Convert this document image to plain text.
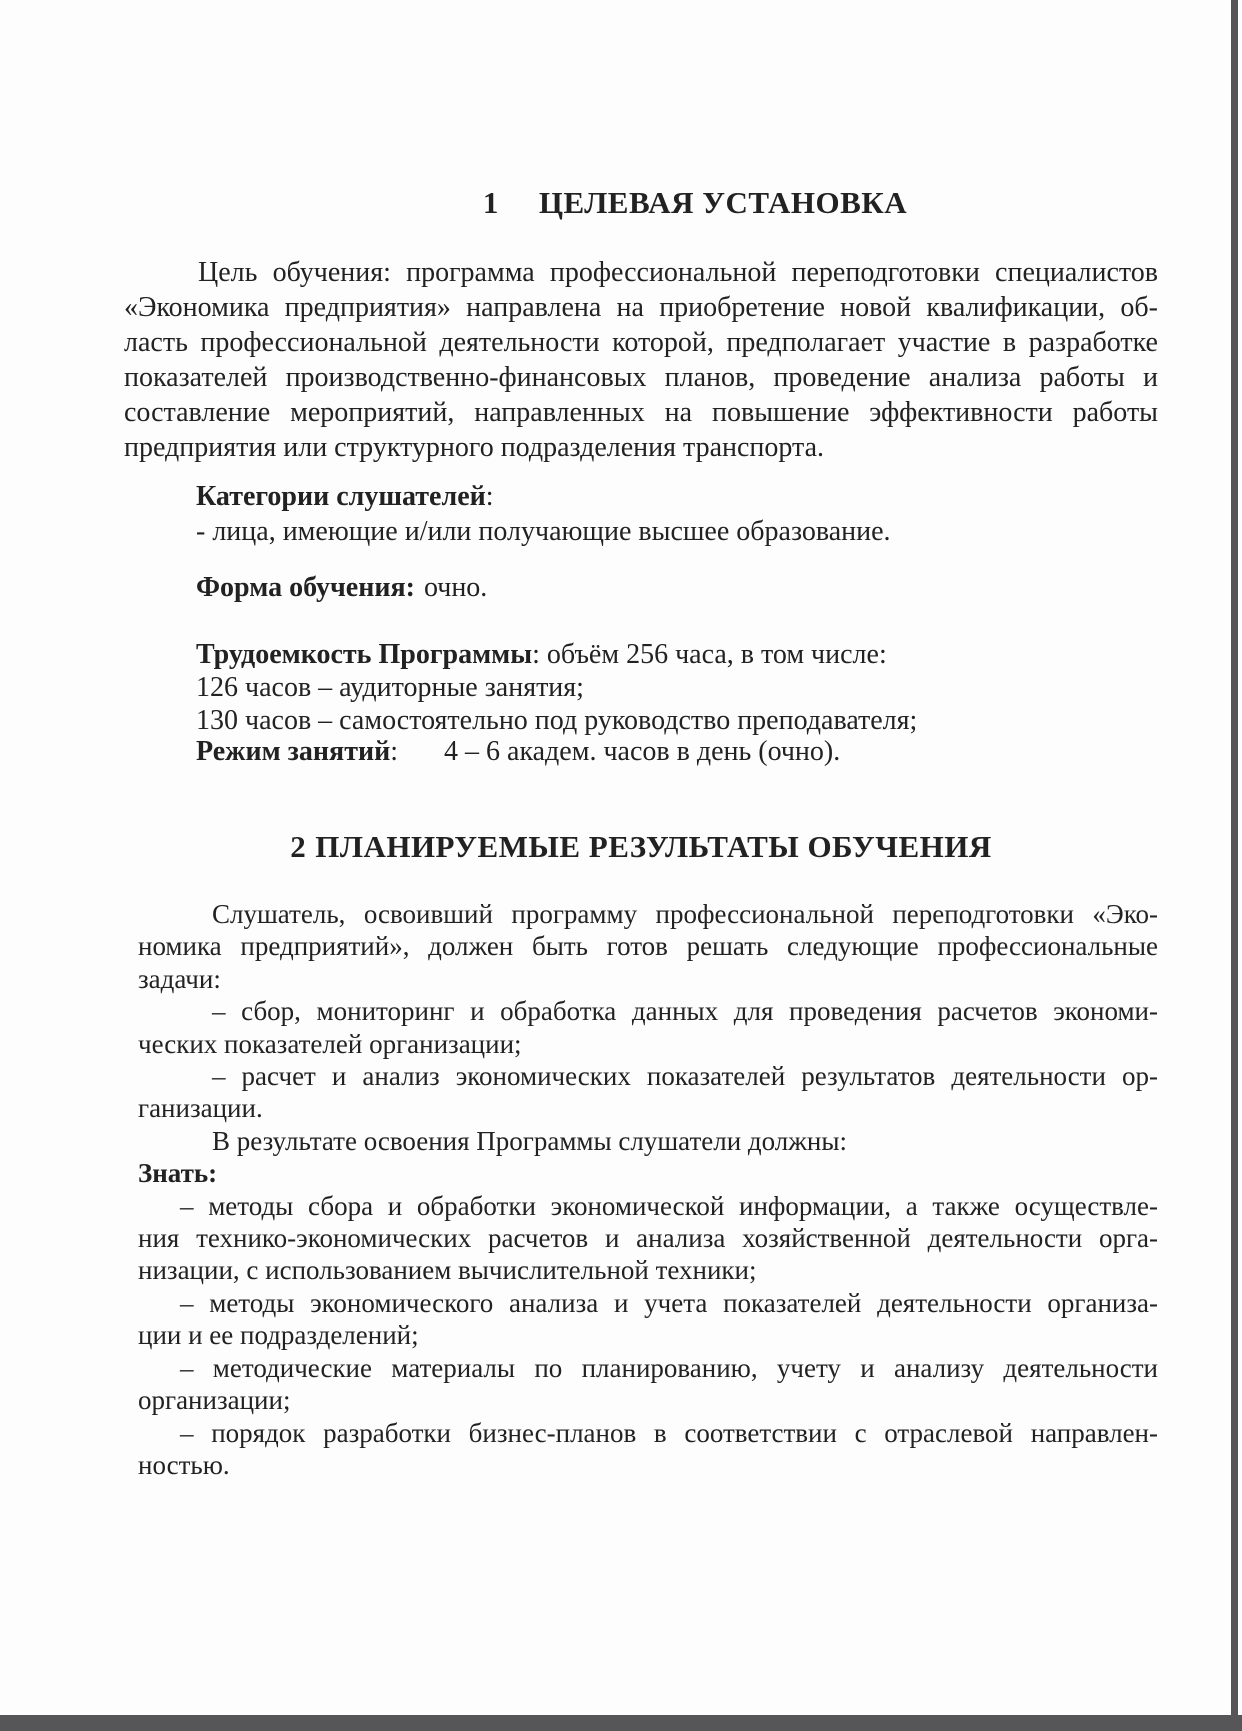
1 ЦЕЛЕВАЯ УСТАНОВКА
Цель обучения: программа профессиональной переподготовки специалистов
«Экономика предприятия» направлена на приобретение новой квалификации, об-
ласть профессиональной деятельности которой, предполагает участие в разработке
показателей производственно-финансовых планов, проведение анализа работы и
составление мероприятий, направленных на повышение эффективности работы
предприятия или структурного подразделения транспорта.
Категории слушателей:
- лица, имеющие и/или получающие высшее образование.
Форма обучения: очно.
Трудоемкость Программы: объём 256 часа, в том числе:
126 часов – аудиторные занятия;
130 часов – самостоятельно под руководство преподавателя;
Режим занятий: 4 – 6 академ. часов в день (очно).
2 ПЛАНИРУЕМЫЕ РЕЗУЛЬТАТЫ ОБУЧЕНИЯ
Слушатель, освоивший программу профессиональной переподготовки «Эко-
номика предприятий», должен быть готов решать следующие профессиональные
задачи:
– сбор, мониторинг и обработка данных для проведения расчетов экономи-
ческих показателей организации;
– расчет и анализ экономических показателей результатов деятельности ор-
ганизации.
В результате освоения Программы слушатели должны:
Знать:
– методы сбора и обработки экономической информации, а также осуществле-
ния технико-экономических расчетов и анализа хозяйственной деятельности орга-
низации, с использованием вычислительной техники;
– методы экономического анализа и учета показателей деятельности организа-
ции и ее подразделений;
– методические материалы по планированию, учету и анализу деятельности
организации;
– порядок разработки бизнес-планов в соответствии с отраслевой направлен-
ностью.
